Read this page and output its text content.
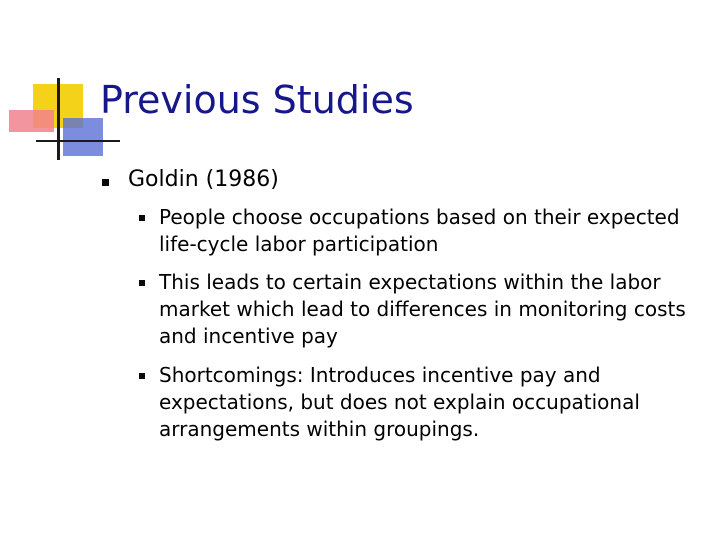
Previous Studies
Goldin (1986)
People choose occupations based on their expected life-cycle labor participation
This leads to certain expectations within the labor market which lead to differences in monitoring costs and incentive pay
Shortcomings: Introduces incentive pay and expectations, but does not explain occupational arrangements within groupings.
